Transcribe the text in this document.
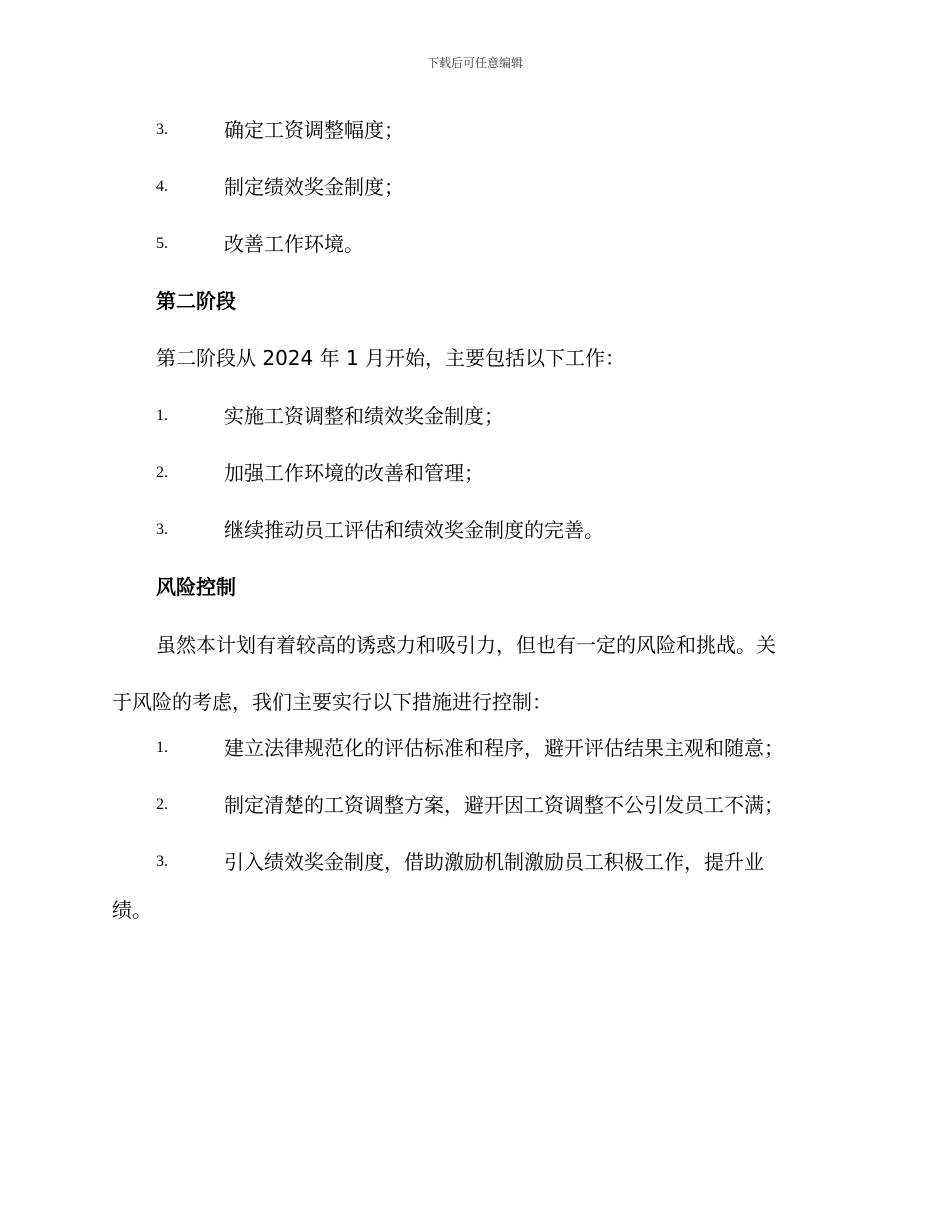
下载后可任意编辑
3.	确定工资调整幅度；
4.	制定绩效奖金制度；
5.	改善工作环境。
第二阶段
第二阶段从 2024 年 1 月开始，主要包括以下工作：
1.	实施工资调整和绩效奖金制度；
2.	加强工作环境的改善和管理；
3.	继续推动员工评估和绩效奖金制度的完善。
风险控制
虽然本计划有着较高的诱惑力和吸引力，但也有一定的风险和挑战。关
于风险的考虑，我们主要实行以下措施进行控制：
1.	建立法律规范化的评估标准和程序，避开评估结果主观和随意；
2.	制定清楚的工资调整方案，避开因工资调整不公引发员工不满；
3.	引入绩效奖金制度，借助激励机制激励员工积极工作，提升业
绩。
